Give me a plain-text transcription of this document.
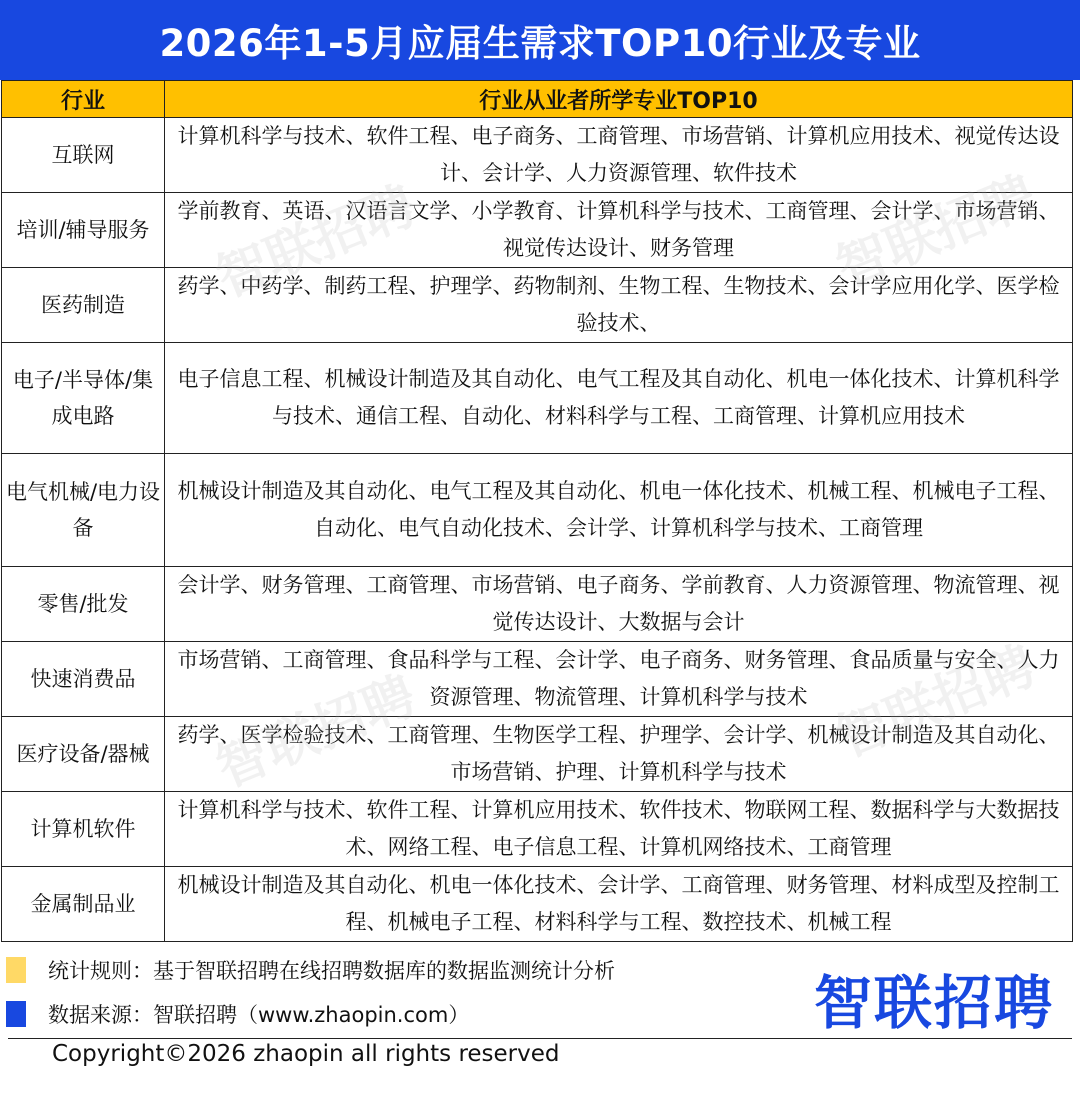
2026年1-5月应届生需求TOP10行业及专业
行业	行业从业者所学专业TOP10
互联网	计算机科学与技术、软件工程、电子商务、工商管理、市场营销、计算机应用技术、视觉传达设计、会计学、人力资源管理、软件技术
培训/辅导服务	学前教育、英语、汉语言文学、小学教育、计算机科学与技术、工商管理、会计学、市场营销、视觉传达设计、财务管理
医药制造	药学、中药学、制药工程、护理学、药物制剂、生物工程、生物技术、会计学应用化学、医学检验技术、
电子/半导体/集成电路	电子信息工程、机械设计制造及其自动化、电气工程及其自动化、机电一体化技术、计算机科学与技术、通信工程、自动化、材料科学与工程、工商管理、计算机应用技术
电气机械/电力设备	机械设计制造及其自动化、电气工程及其自动化、机电一体化技术、机械工程、机械电子工程、自动化、电气自动化技术、会计学、计算机科学与技术、工商管理
零售/批发	会计学、财务管理、工商管理、市场营销、电子商务、学前教育、人力资源管理、物流管理、视觉传达设计、大数据与会计
快速消费品	市场营销、工商管理、食品科学与工程、会计学、电子商务、财务管理、食品质量与安全、人力资源管理、物流管理、计算机科学与技术
医疗设备/器械	药学、医学检验技术、工商管理、生物医学工程、护理学、会计学、机械设计制造及其自动化、市场营销、护理、计算机科学与技术
计算机软件	计算机科学与技术、软件工程、计算机应用技术、软件技术、物联网工程、数据科学与大数据技术、网络工程、电子信息工程、计算机网络技术、工商管理
金属制品业	机械设计制造及其自动化、机电一体化技术、会计学、工商管理、财务管理、材料成型及控制工程、机械电子工程、材料科学与工程、数控技术、机械工程
智联招聘	智联招聘
智联招聘	智联招聘
统计规则：基于智联招聘在线招聘数据库的数据监测统计分析
数据来源：智联招聘（www.zhaopin.com）	智联招聘
Copyright©2026 zhaopin all rights reserved
